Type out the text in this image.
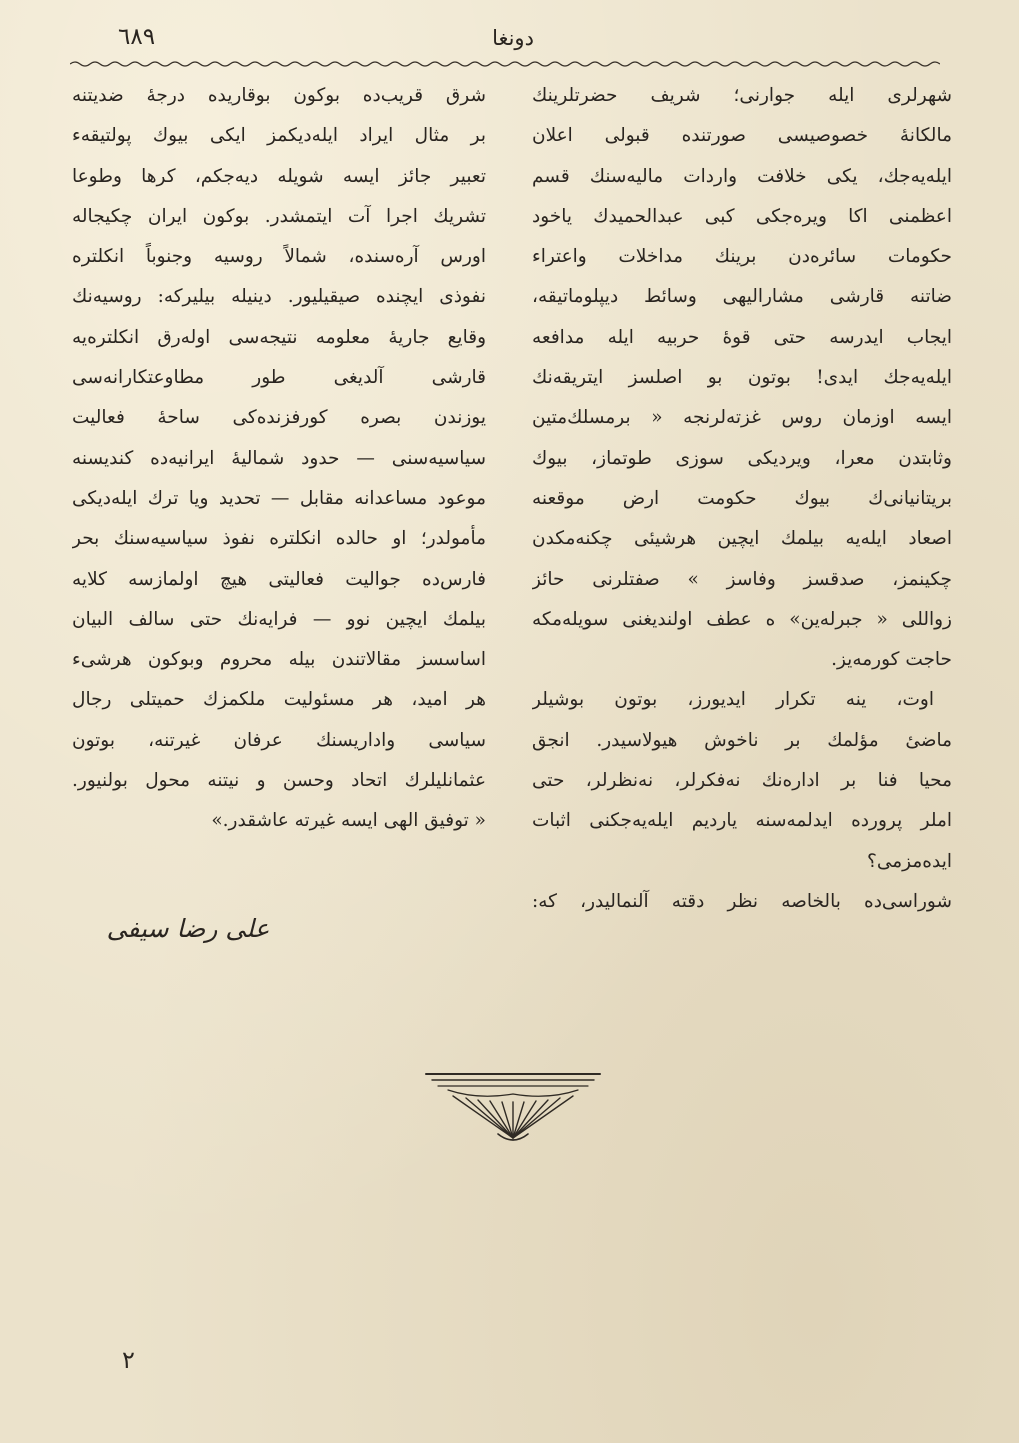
٦٨٩	دونغا
شهرلری ایله جوارنی؛ شریف حضرتلرینك
مالکانهٔ خصوصیسی صورتنده قبولی اعلان
ایله‌یه‌جك، یکی خلافت واردات مالیه‌سنك قسم
اعظمنی اکا ویره‌جکی کبی عبدالحمیدك یاخود
حکومات سائره‌دن برینك مداخلات واعتراء
ضاتنه قارشی مشارالیهی وسائط دیپلوماتیقه،
ایجاب ایدرسه حتی قوهٔ حربیه ایله مدافعه
ایله‌یه‌جك ایدی! بوتون بو اصلسز ایتریقه‌نك
ایسه اوزمان روس غزته‌لرنجه « برمسلك‌متین
وثابتدن معرا، ویردیکی سوزی طوتماز، بیوك
بریتانیانی‌ك بیوك حکومت ارض موقعنه
اصعاد ایله‌یه بیلمك ایچین هرشیئی چکنه‌مکدن
چکینمز، صدقسز وفاسز » صفتلرنی حائز
زواللی « جبرله‌ین» ه عطف اولندیغنی سویله‌مکه
حاجت کورمه‌یز.
اوت، ینه تکرار ایدیورز، بوتون بوشیلر
ماضیٔ مؤلمك بر ناخوش هیولاسیدر. انجق
محیا فنا بر اداره‌نك نه‌فکرلر، نه‌نظرلر، حتی
املر پرورده ایدلمه‌سنه یاردیم ایله‌یه‌جکنی اثبات
ایده‌مزمی؟
شوراسی‌ده بالخاصه نظر دقته آلنمالیدر، که:
شرق قریب‌ده بوکون بوقاریده درجهٔ ضدیتنه
بر مثال ایراد ایله‌دیکمز ایکی بیوك پولتیقه‌ء
تعبیر جائز ایسه شویله دیه‌جکم، کرها وطوعا
تشریك اجرا آت ایتمشدر. بوکون ایران چکیجاله
اورس آره‌سنده، شمالاً روسیه وجنوباً انکلتره
نفوذی ایچنده صیقیلیور. دینیله بیلیرکه: روسیه‌نك
وقایع جاریهٔ معلومه نتیجه‌سی اوله‌رق انکلتره‌یه
قارشی آلدیغی طور مطاوعتکارانه‌سی
یوزندن بصره کورفزنده‌کی ساحهٔ فعالیت
سیاسیه‌سنی — حدود شمالیهٔ ایرانیه‌ده کندیسنه
موعود مساعدانه مقابل — تحدید ویا ترك ایله‌دیکی
مأمولدر؛ او حالده انکلتره نفوذ سیاسیه‌سنك بحر
فارس‌ده جوالیت فعالیتی هیچ اولمازسه کلایه
بیلمك ایچین نوو — فرایه‌نك حتی سالف البیان
اساسسز مقالاتندن بیله محروم وبوکون هرشیء
هر امید، هر مسئولیت ملکمزك حمیتلی رجال
سیاسی واداریسنك عرفان غیرتنه، بوتون
عثمانلیلرك اتحاد وحسن و نیتنه محول بولنیور.
« توفیق الهی ایسه غیرته عاشقدر.»
علی رضا سیفی
٢
